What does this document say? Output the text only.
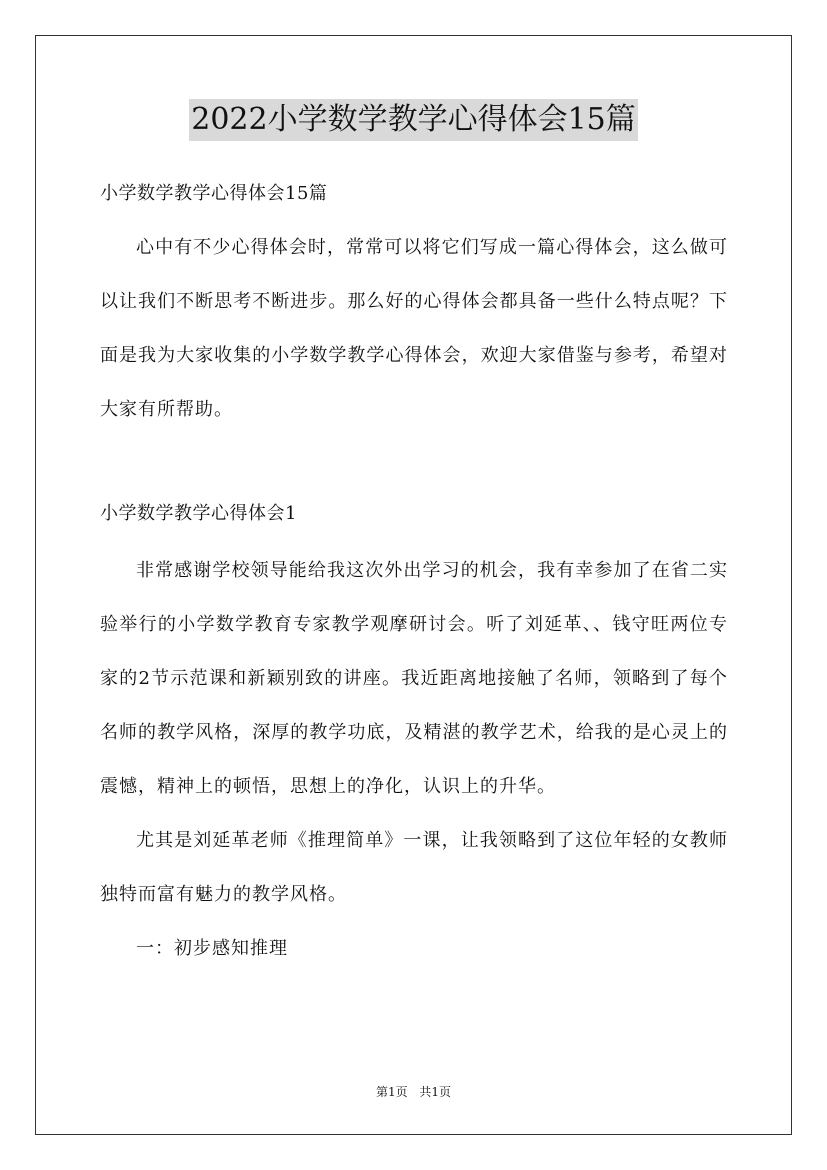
2022小学数学教学心得体会15篇

小学数学教学心得体会15篇

心中有不少心得体会时，常常可以将它们写成一篇心得体会，这么做可以让我们不断思考不断进步。那么好的心得体会都具备一些什么特点呢？下面是我为大家收集的小学数学教学心得体会，欢迎大家借鉴与参考，希望对大家有所帮助。

小学数学教学心得体会1

非常感谢学校领导能给我这次外出学习的机会，我有幸参加了在省二实验举行的小学数学教育专家教学观摩研讨会。听了刘延革、、钱守旺两位专家的2节示范课和新颖别致的讲座。我近距离地接触了名师，领略到了每个名师的教学风格，深厚的教学功底，及精湛的教学艺术，给我的是心灵上的震憾，精神上的顿悟，思想上的净化，认识上的升华。

尤其是刘延革老师《推理简单》一课，让我领略到了这位年轻的女教师独特而富有魅力的教学风格。

一：初步感知推理

第1页 共1页
